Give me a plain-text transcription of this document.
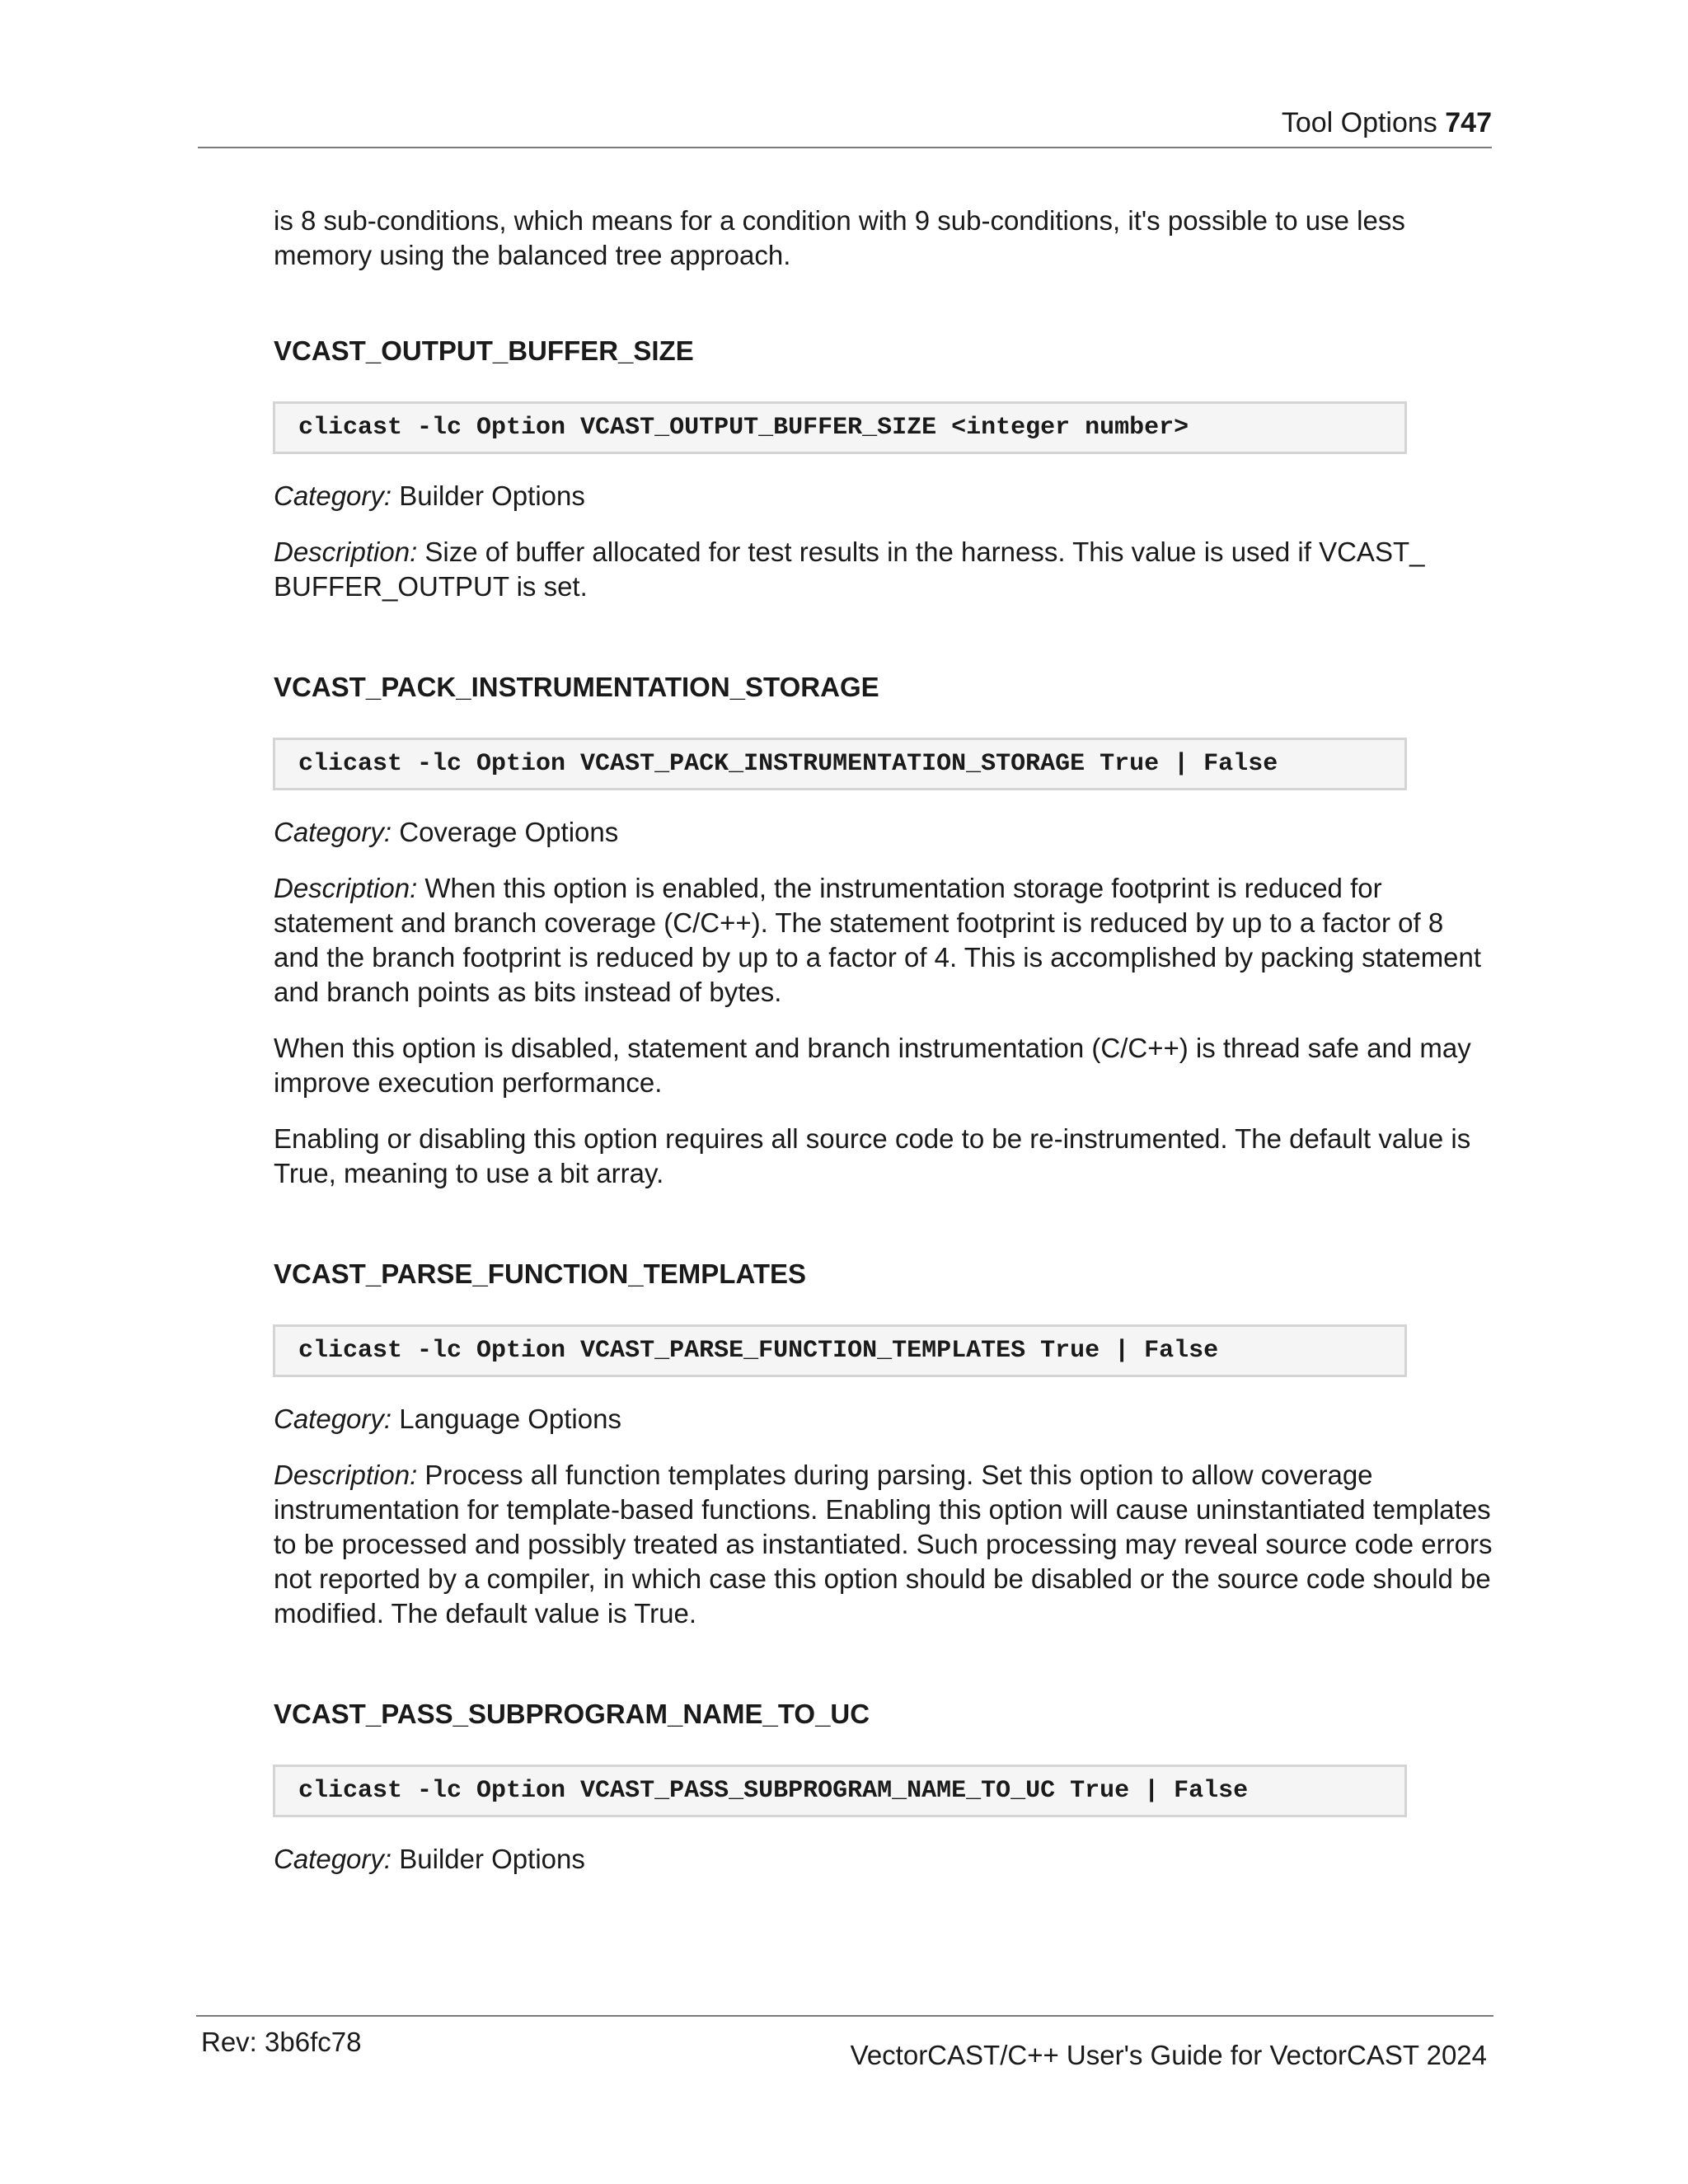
Tool Options 747

is 8 sub-conditions, which means for a condition with 9 sub-conditions, it's possible to use less memory using the balanced tree approach.

VCAST_OUTPUT_BUFFER_SIZE
clicast -lc Option VCAST_OUTPUT_BUFFER_SIZE <integer number>

Category: Builder Options

Description: Size of buffer allocated for test results in the harness. This value is used if VCAST_ BUFFER_OUTPUT is set.

VCAST_PACK_INSTRUMENTATION_STORAGE
clicast -lc Option VCAST_PACK_INSTRUMENTATION_STORAGE True | False

Category: Coverage Options

Description: When this option is enabled, the instrumentation storage footprint is reduced for statement and branch coverage (C/C++). The statement footprint is reduced by up to a factor of 8 and the branch footprint is reduced by up to a factor of 4. This is accomplished by packing statement and branch points as bits instead of bytes.

When this option is disabled, statement and branch instrumentation (C/C++) is thread safe and may improve execution performance.

Enabling or disabling this option requires all source code to be re-instrumented. The default value is True, meaning to use a bit array.

VCAST_PARSE_FUNCTION_TEMPLATES
clicast -lc Option VCAST_PARSE_FUNCTION_TEMPLATES True | False

Category: Language Options

Description: Process all function templates during parsing. Set this option to allow coverage instrumentation for template-based functions. Enabling this option will cause uninstantiated templates to be processed and possibly treated as instantiated. Such processing may reveal source code errors not reported by a compiler, in which case this option should be disabled or the source code should be modified. The default value is True.

VCAST_PASS_SUBPROGRAM_NAME_TO_UC
clicast -lc Option VCAST_PASS_SUBPROGRAM_NAME_TO_UC True | False

Category: Builder Options

Rev: 3b6fc78	VectorCAST/C++ User's Guide for VectorCAST 2024
